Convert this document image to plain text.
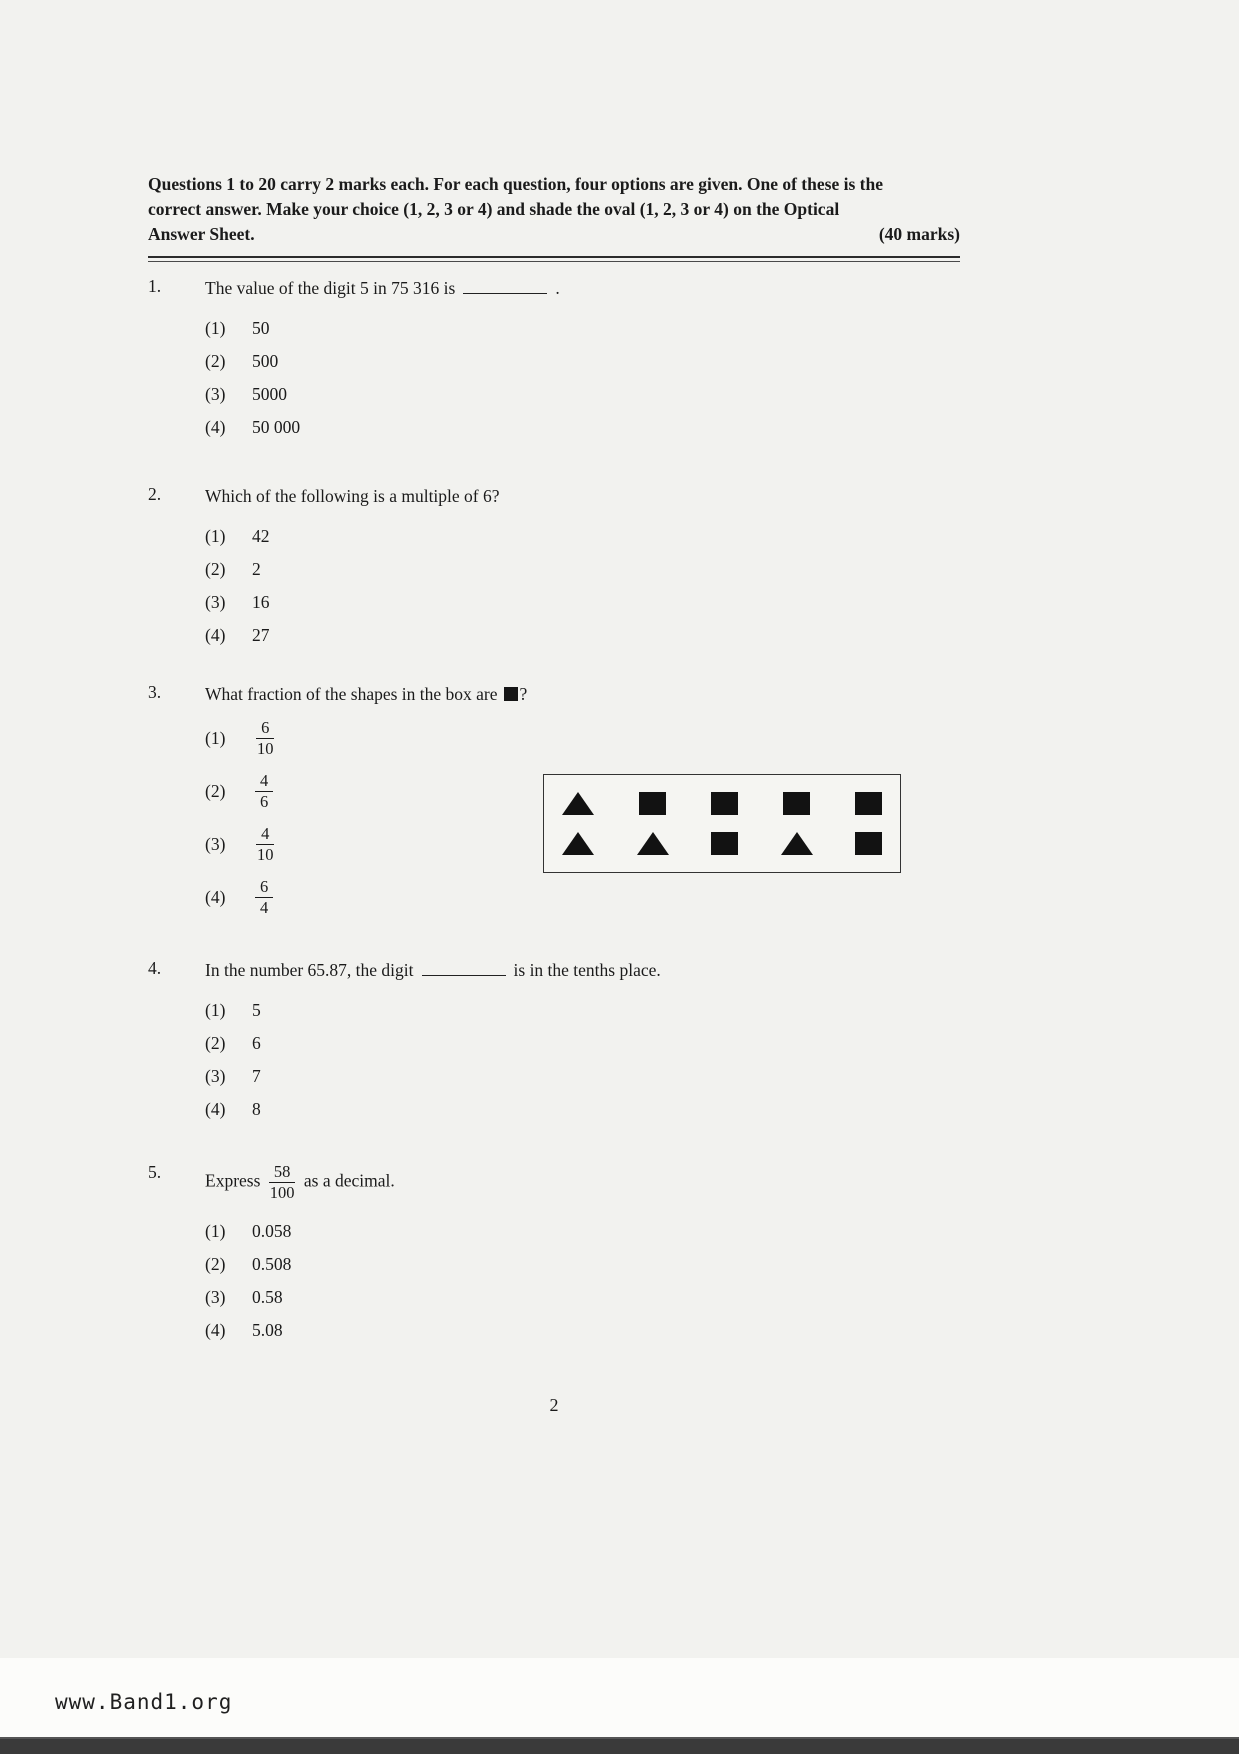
Questions 1 to 20 carry 2 marks each. For each question, four options are given. One of these is the
correct answer. Make your choice (1, 2, 3 or 4) and shade the oval (1, 2, 3 or 4) on the Optical
Answer Sheet.	(40 marks)
1.	The value of the digit 5 in 75 316 is	.
(1)	50
(2)	500
(3)	5000
(4)	50 000
2.	Which of the following is a multiple of 6?
(1)	42
(2)	2
(3)	16
(4)	27
3.	What fraction of the shapes in the box are ?
(1)	$\frac{6}{10}$
(2)	$\frac{4}{6}$
(3)	$\frac{4}{10}$
(4)	$\frac{6}{4}$
4.	In the number 65.87, the digit	is in the tenths place.
(1)	5
(2)	6
(3)	7
(4)	8
5.	Express $\frac{58}{100}$ as a decimal.
(1)	0.058
(2)	0.508
(3)	0.58
(4)	5.08
2
www.Band1.org
